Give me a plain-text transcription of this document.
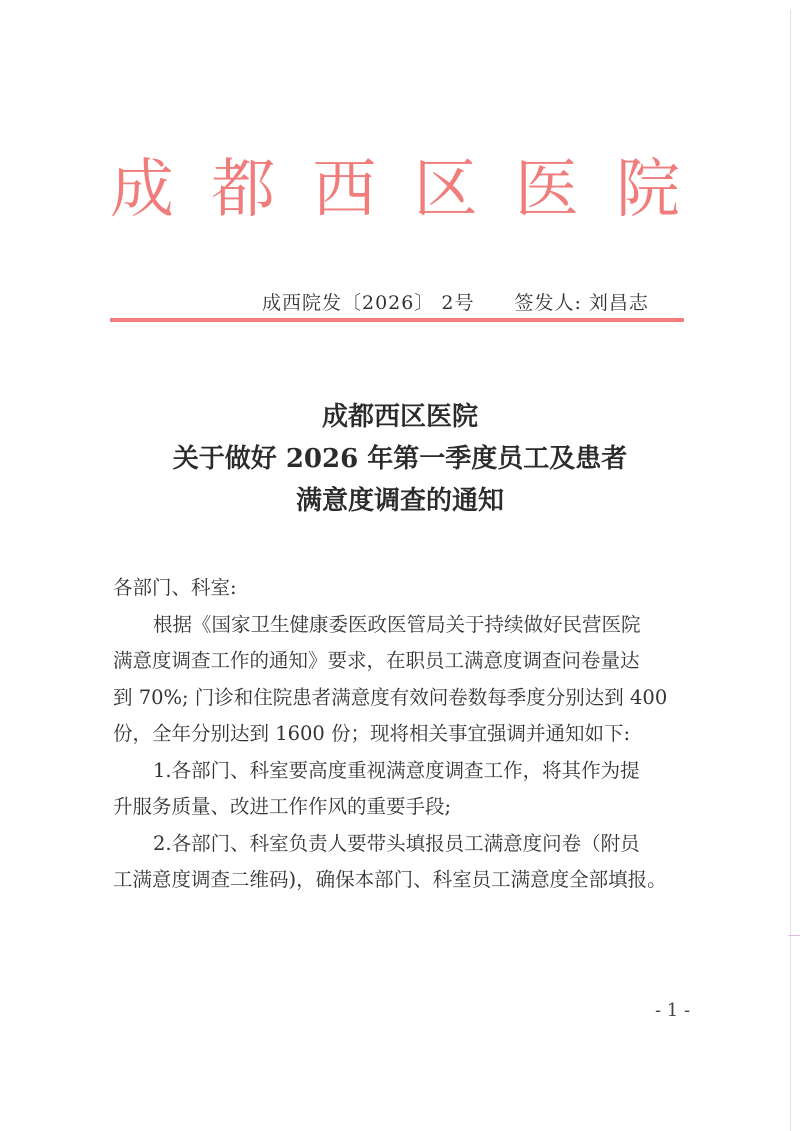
成 都 西 区 医 院
成西院发〔2026〕 2号 签发人: 刘昌志
成都西区医院
关于做好 2026 年第一季度员工及患者
满意度调查的通知

各部门、科室:

根据《国家卫生健康委医政医管局关于持续做好民营医院

满意度调查工作的通知》要求，在职员工满意度调查问卷量达

到 70%; 门诊和住院患者满意度有效问卷数每季度分别达到 400

份，全年分别达到 1600 份；现将相关事宜强调并通知如下:

1.各部门、科室要高度重视满意度调查工作，将其作为提

升服务质量、改进工作作风的重要手段;

2.各部门、科室负责人要带头填报员工满意度问卷（附员

工满意度调查二维码)，确保本部门、科室员工满意度全部填报。

- 1 -
